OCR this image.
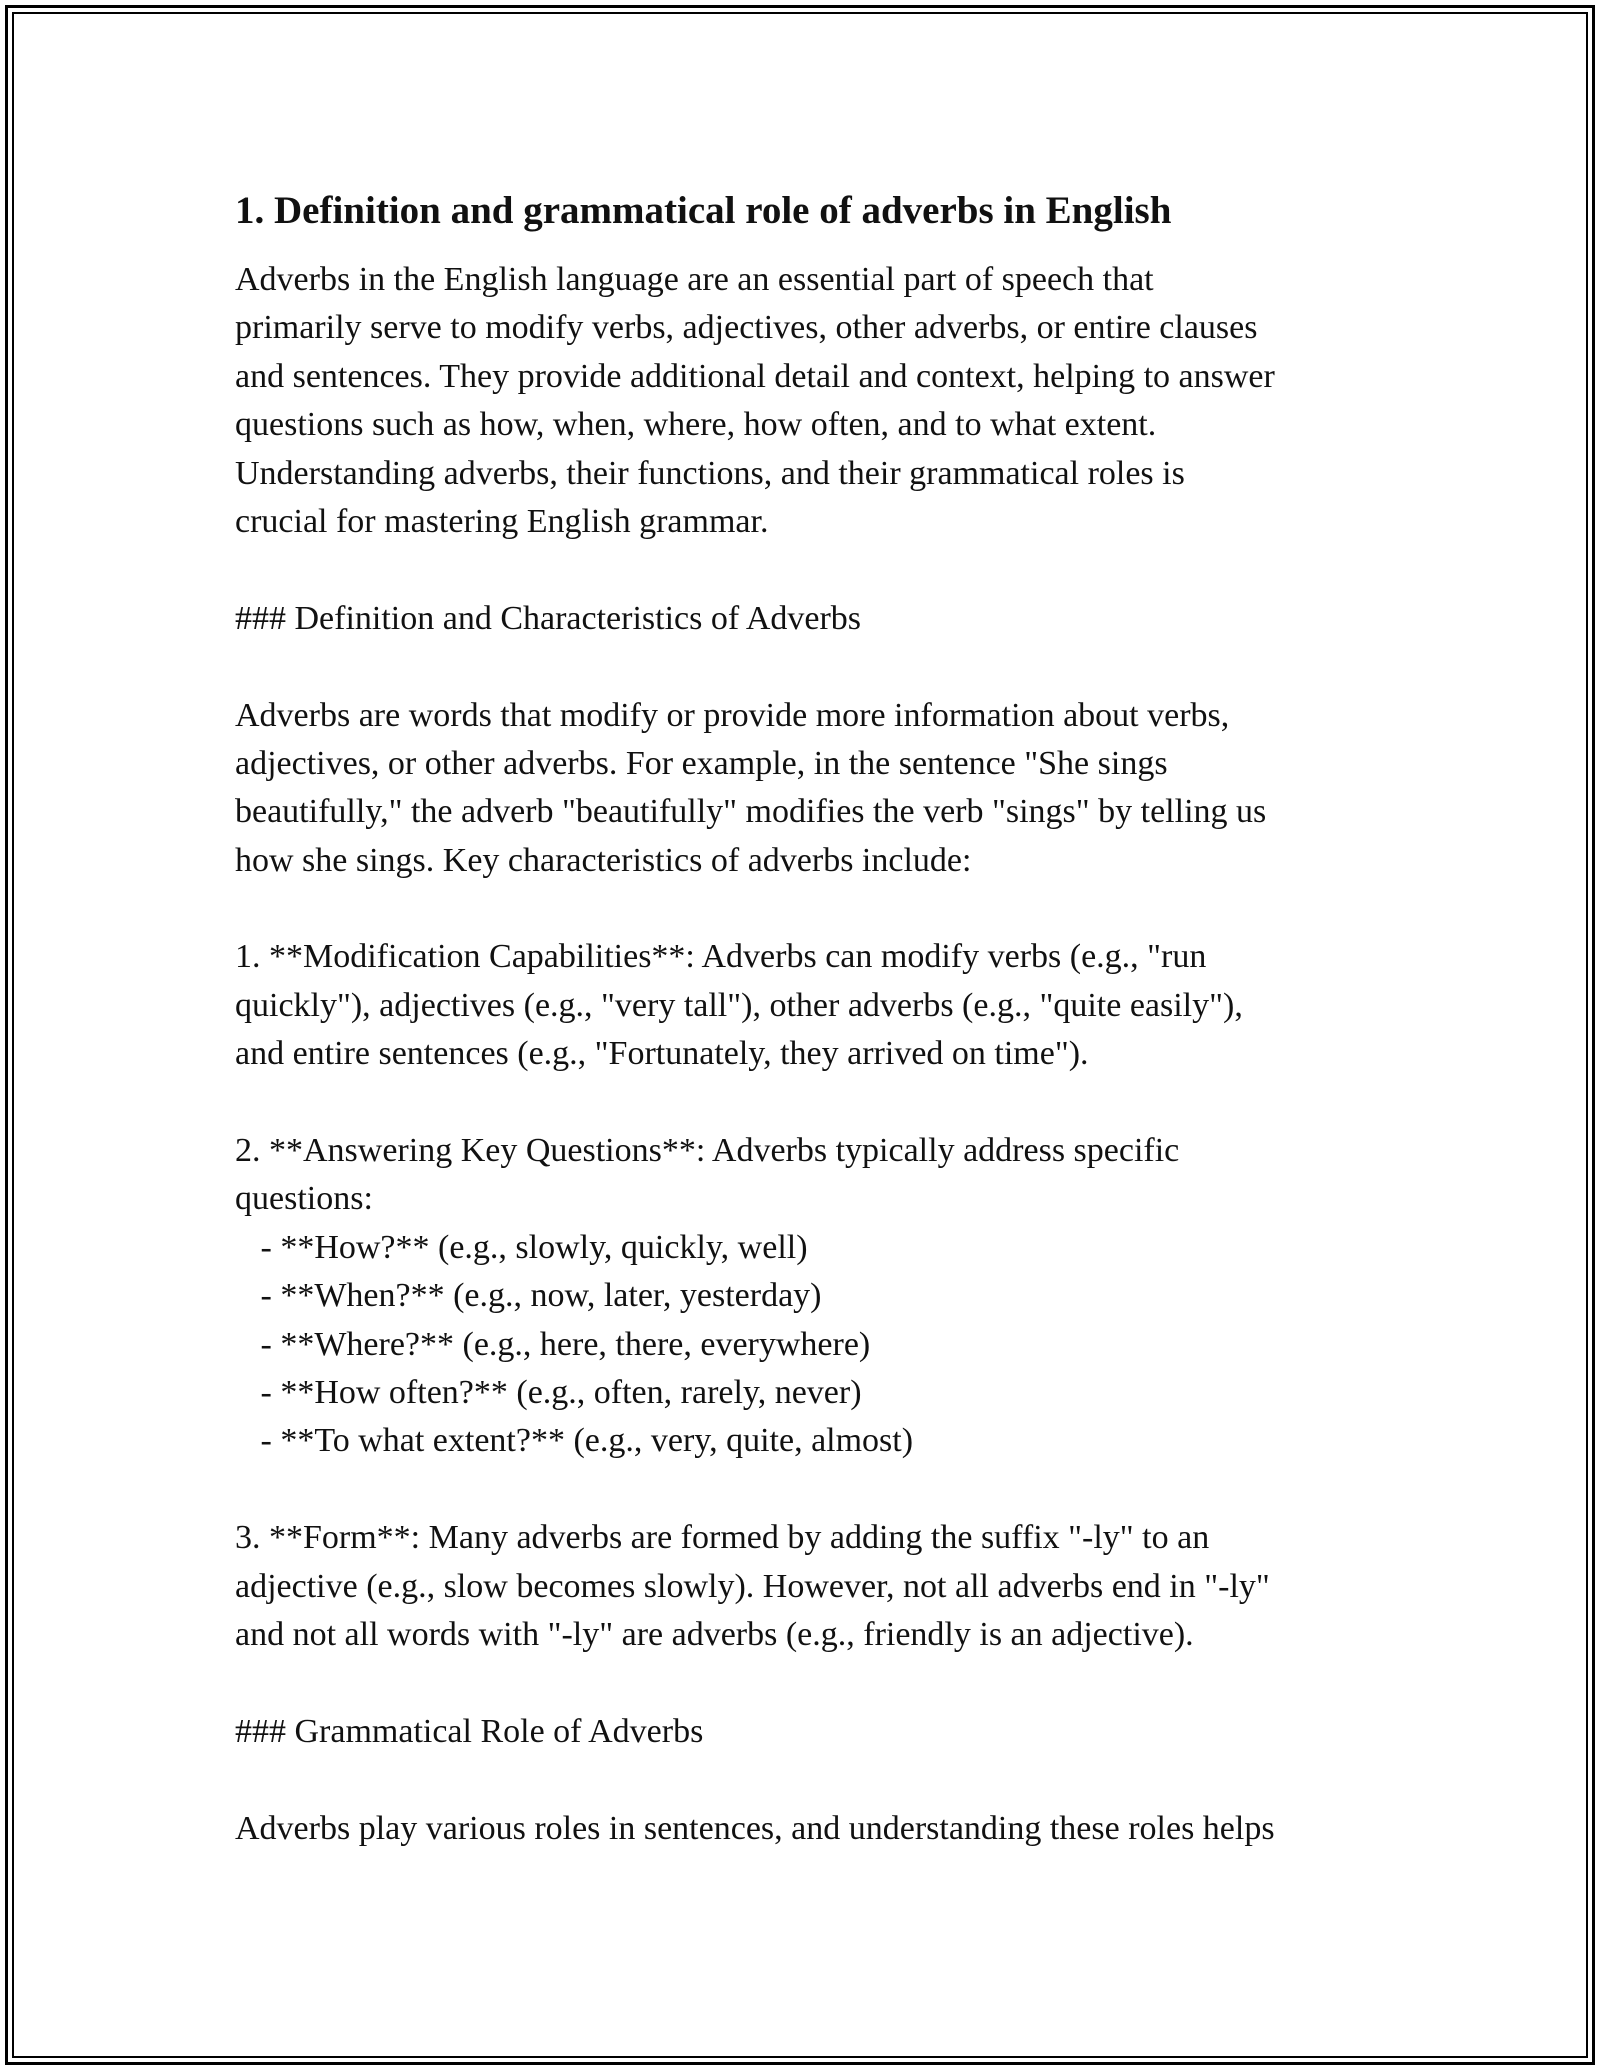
1. Definition and grammatical role of adverbs in English
Adverbs in the English language are an essential part of speech that
primarily serve to modify verbs, adjectives, other adverbs, or entire clauses
and sentences. They provide additional detail and context, helping to answer
questions such as how, when, where, how often, and to what extent.
Understanding adverbs, their functions, and their grammatical roles is
crucial for mastering English grammar.
### Definition and Characteristics of Adverbs
Adverbs are words that modify or provide more information about verbs,
adjectives, or other adverbs. For example, in the sentence "She sings
beautifully," the adverb "beautifully" modifies the verb "sings" by telling us
how she sings. Key characteristics of adverbs include:
1. **Modification Capabilities**: Adverbs can modify verbs (e.g., "run
quickly"), adjectives (e.g., "very tall"), other adverbs (e.g., "quite easily"),
and entire sentences (e.g., "Fortunately, they arrived on time").
2. **Answering Key Questions**: Adverbs typically address specific
questions:
- **How?** (e.g., slowly, quickly, well)
- **When?** (e.g., now, later, yesterday)
- **Where?** (e.g., here, there, everywhere)
- **How often?** (e.g., often, rarely, never)
- **To what extent?** (e.g., very, quite, almost)
3. **Form**: Many adverbs are formed by adding the suffix "-ly" to an
adjective (e.g., slow becomes slowly). However, not all adverbs end in "-ly"
and not all words with "-ly" are adverbs (e.g., friendly is an adjective).
### Grammatical Role of Adverbs
Adverbs play various roles in sentences, and understanding these roles helps
